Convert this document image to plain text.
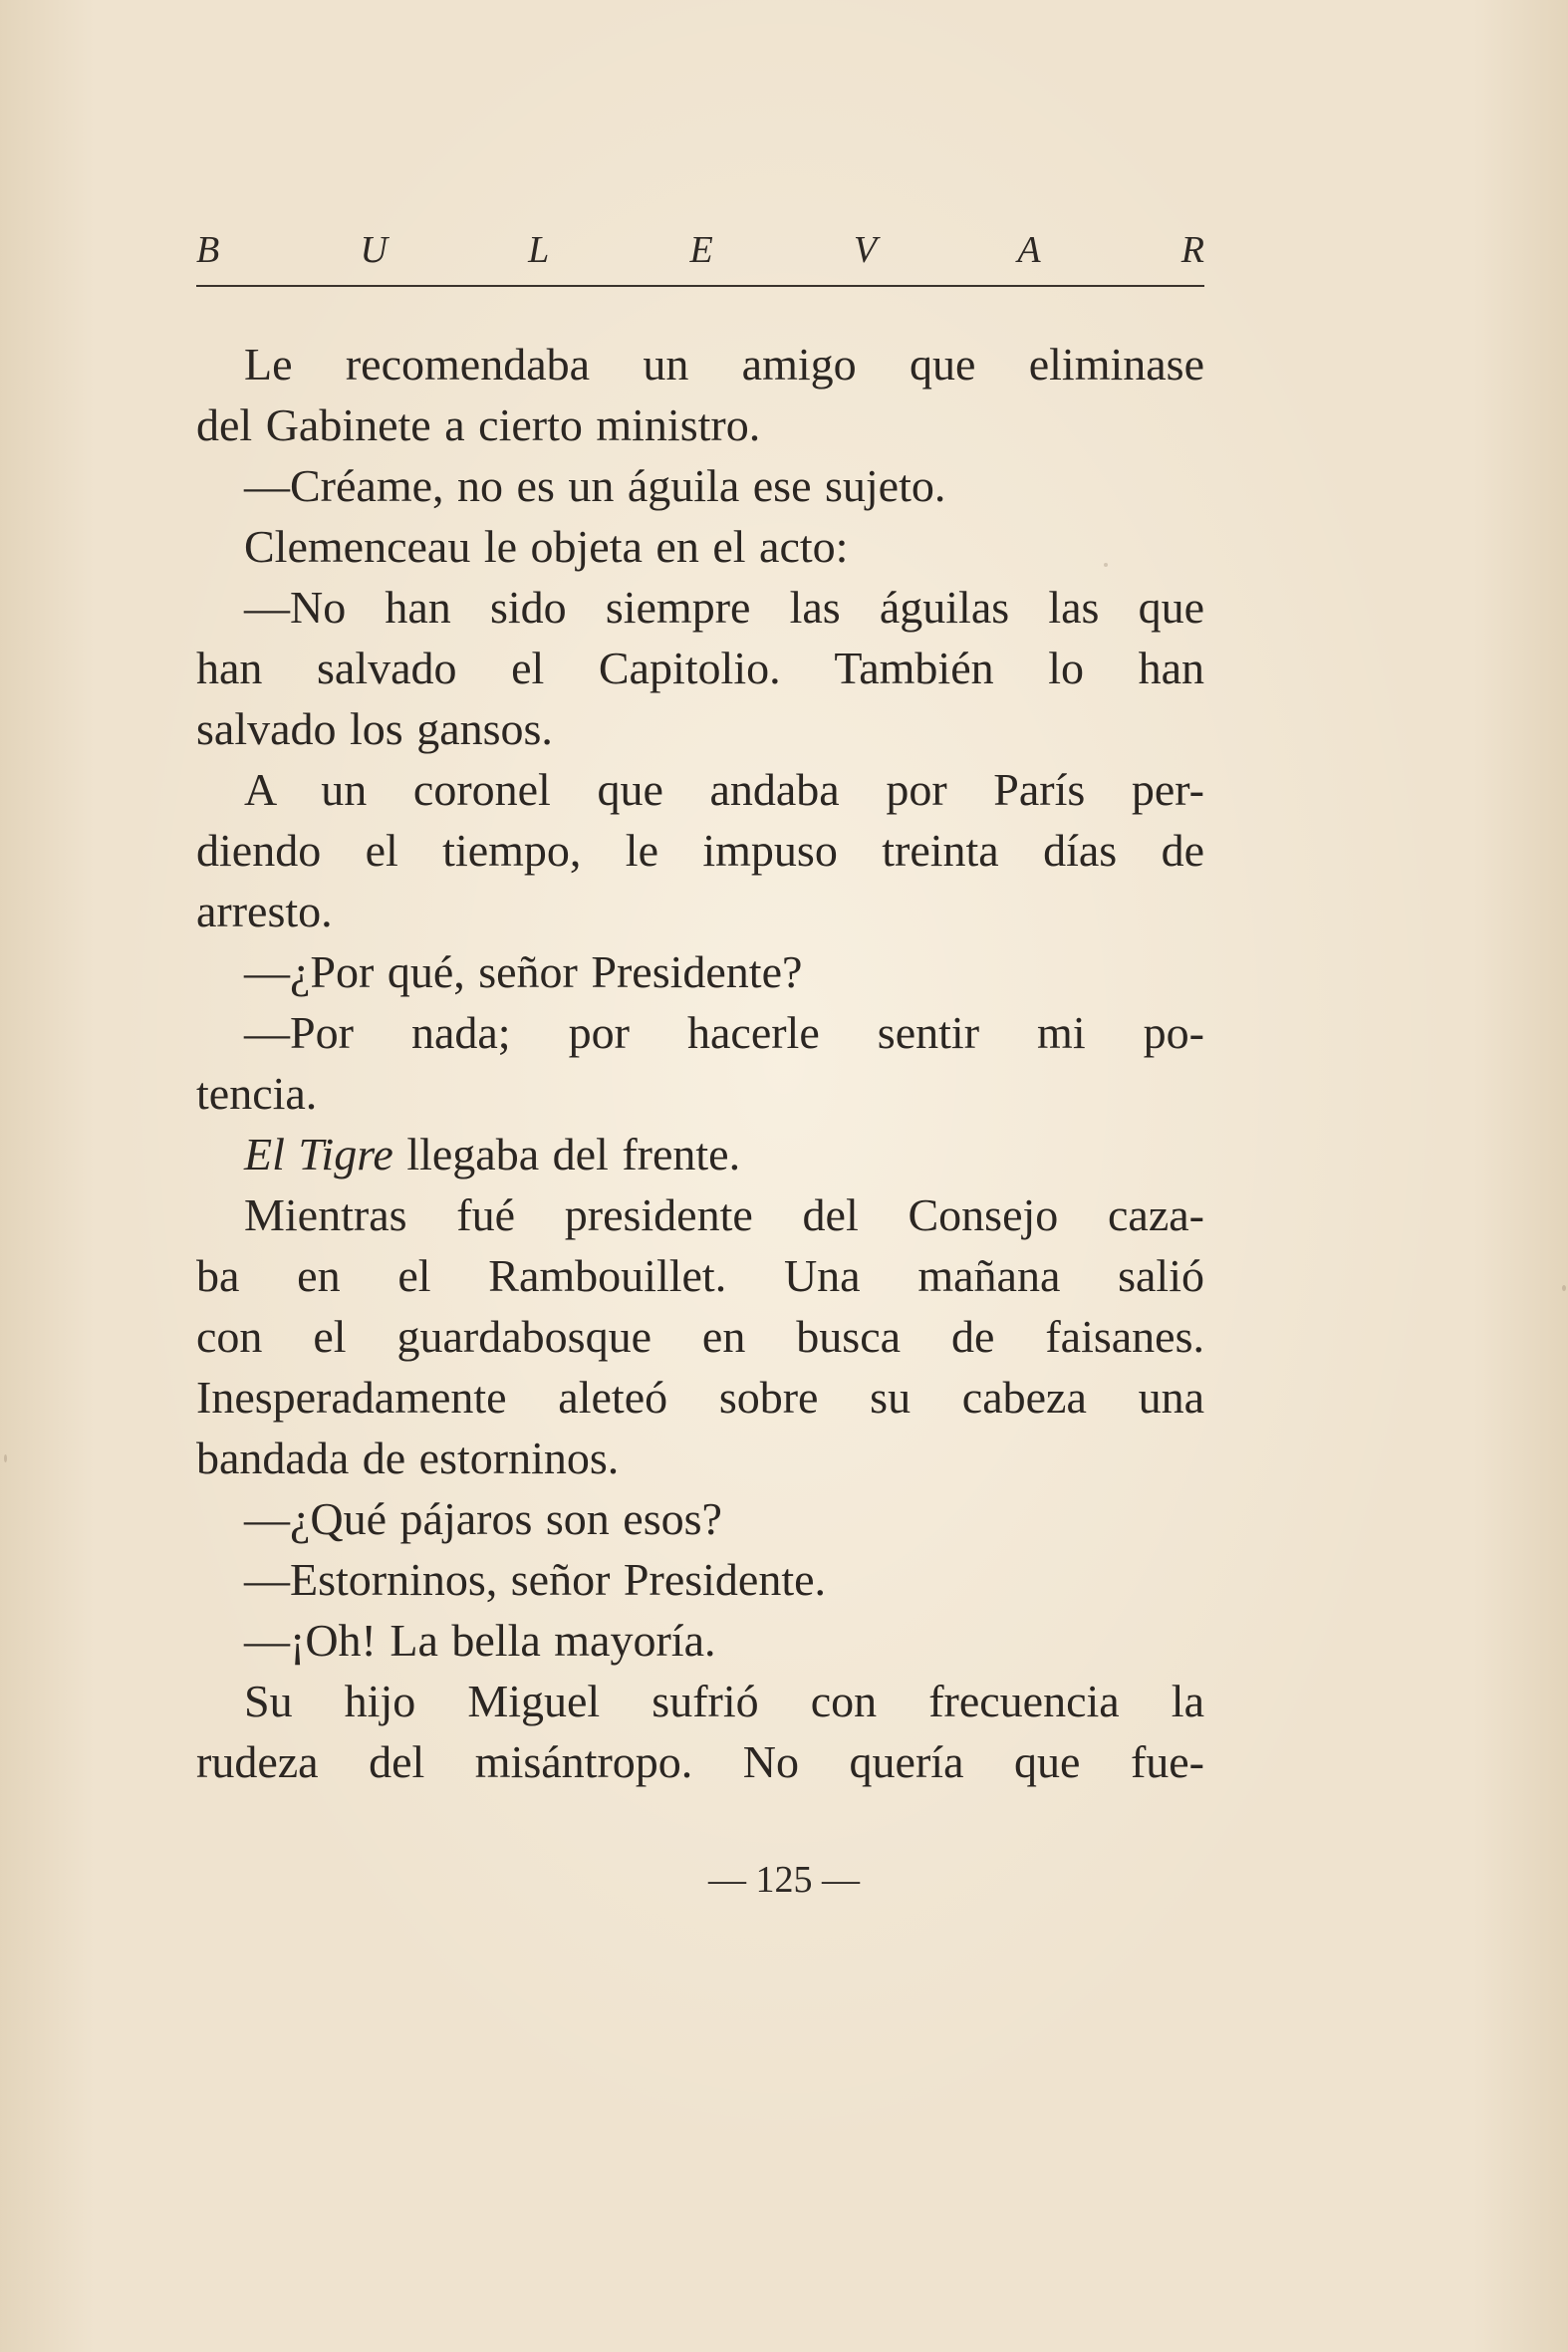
B	U	L	E	V	A	R
Le recomendaba un amigo que eliminase
del Gabinete a cierto ministro.
—Créame, no es un águila ese sujeto.
Clemenceau le objeta en el acto:
—No han sido siempre las águilas las que
han salvado el Capitolio. También lo han
salvado los gansos.
A un coronel que andaba por París per-
diendo el tiempo, le impuso treinta días de
arresto.
—¿Por qué, señor Presidente?
—Por nada; por hacerle sentir mi po-
tencia.
El Tigre llegaba del frente.
Mientras fué presidente del Consejo caza-
ba en el Rambouillet. Una mañana salió
con el guardabosque en busca de faisanes.
Inesperadamente aleteó sobre su cabeza una
bandada de estorninos.
—¿Qué pájaros son esos?
—Estorninos, señor Presidente.
—¡Oh! La bella mayoría.
Su hijo Miguel sufrió con frecuencia la
rudeza del misántropo. No quería que fue-
— 125 —
